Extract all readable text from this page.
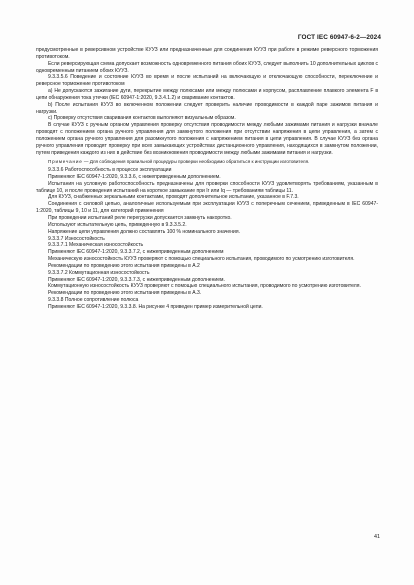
ГОСТ IEC 60947-6-2—2024

предусмотренные в реверсивном устройстве КУУЗ или предназначенные для соединения КУУЗ при работе в режиме реверсного торможения противотоком.

Если реверсирующая схема допускает возможность одновременного питания обоих КУУЗ, следует выполнить 10 дополнительных циклов с одновременным питанием обоих КУУЗ.

9.3.3.5.6 Поведение и состояние КУУЗ во время и после испытаний на включающую и отключающую способности, переключение и реверсное торможение противотоком

а) Не допускаются зажигание дуги, перекрытие между полюсами или между полюсами и корпусом, расплавление плавкого элемента F в цепи обнаружения тока утечки (IEC 60947-1:2020, 9.3.4.1.2) и сваривание контактов.

b) После испытания КУУЗ во включенном положении следует проверить наличие проводимости в каждой паре зажимов питания и нагрузки.

c) Проверку отсутствия сваривания контактов выполняют визуальным образом.

В случае КУУЗ с ручным органом управления проверку отсутствия проводимости между любыми зажимами питания и нагрузки вначале проводят с положением органа ручного управления для замкнутого положения при отсутствии напряжения в цепи управления, а затем с положением органа ручного управления для разомкнутого положения с напряжением питания в цепи управления. В случае КУУЗ без органа ручного управления проводят проверку при всех замыкающих устройствах дистанционного управления, находящихся в замкнутом положении, путем приведения каждого из них в действие без возникновения проводимости между любыми зажимами питания и нагрузки.

Примечание — Для соблюдения правильной процедуры проверки необходимо обратиться к инструкции изготовителя.

9.3.3.6 Работоспособность в процессе эксплуатации

Применяют IEC 60947-1:2020, 9.3.3.6, с нижеприведенным дополнением.

Испытания на условную работоспособность предназначены для проверки способности КУУЗ удовлетворять требованиям, указанным в таблице 10, и после проведения испытаний на короткое замыкание при Ir или Iq — требованиям таблицы 11.

Для КУУЗ, снабженных зеркальными контактами, проводят дополнительное испытание, указанное в F.7.3.

Соединения с силовой цепью, аналогичные используемым при эксплуатации КУУЗ с поперечным сечением, приведенным в IEC 60947-1:2020, таблицы 9, 10 и 11, для категорий применения

При проведении испытаний реле перегрузки допускается замкнуть накоротко.

Используют испытательную цепь, приведенную в 9.3.3.5.2.

Напряжение цепи управления должно составлять 100 % номинального значения.

9.3.3.7 Износостойкость

9.3.3.7.1 Механическая износостойкость

Применяют IEC 60947-1:2020, 9.3.3.7.2, с нижеприведенным дополнением

Механическую износостойкость КУУЗ проверяют с помощью специального испытания, проводимого по усмотрению изготовителя.

Рекомендации по проведению этого испытания приведены в А.2

9.3.3.7.2 Коммутационная износостойкость

Применяют IEC 60947-1:2020, 9.3.3.7.3, с нижеприведенным дополнением.

Коммутационную износостойкость КУУЗ проверяют с помощью специального испытания, проводимого по усмотрению изготовителя.

Рекомендации по проведению этого испытания приведены в А.3.

9.3.3.8 Полное сопротивление полюса

Применяют IEC 60947-1:2020, 9.3.3.8. На рисунке 4 приведен пример измерительной цепи.

41
